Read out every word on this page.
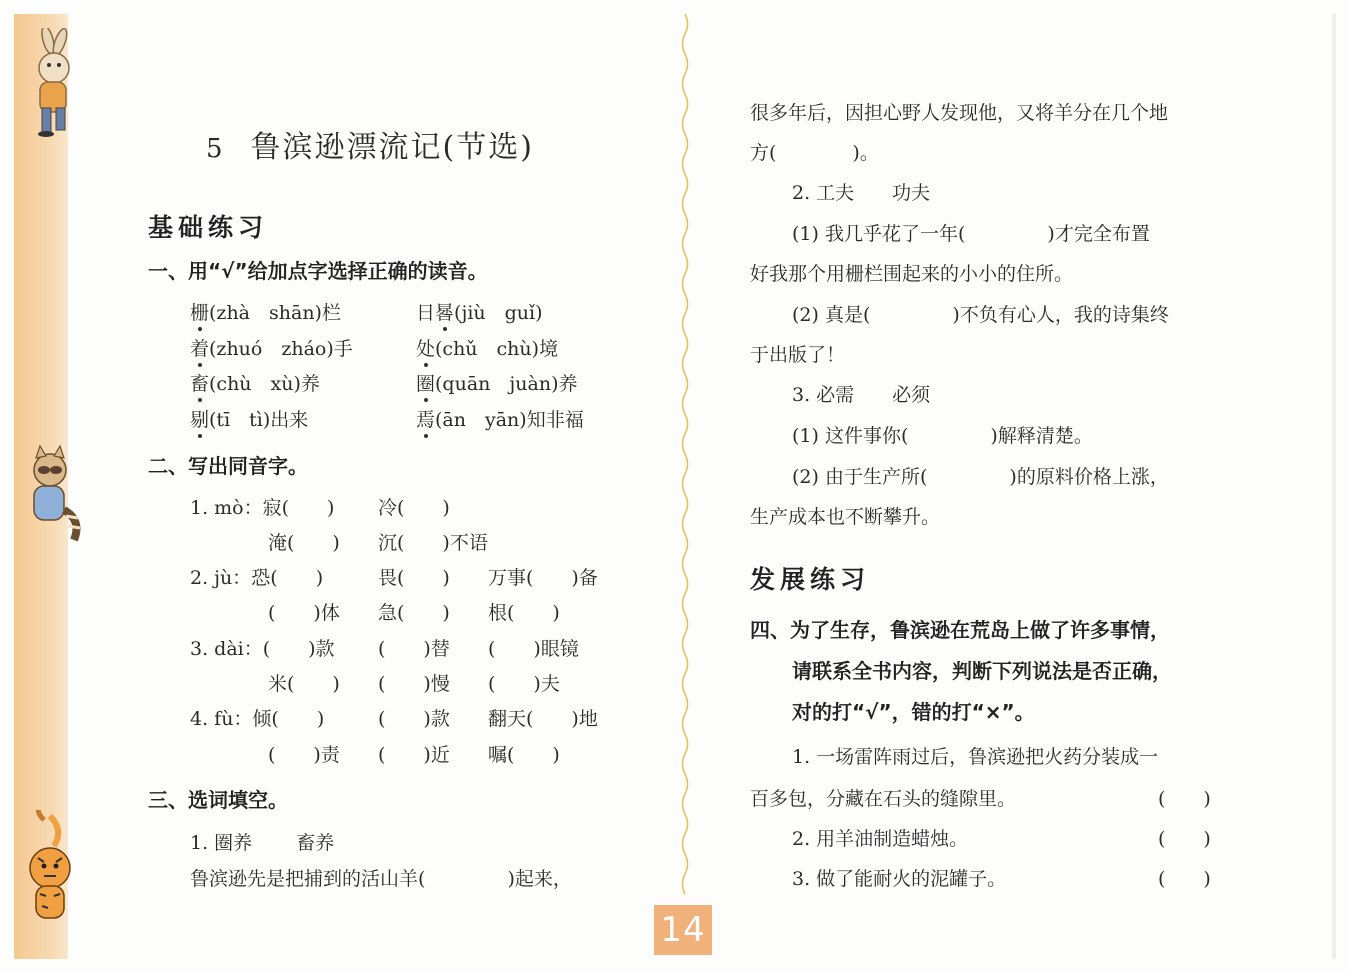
5 鲁滨逊漂流记(节选)
基础练习
一、用“√”给加点字选择正确的读音。
栅(zhà　shān)栏	日晷(jiù　guǐ)
着(zhuó　zháo)手	处(chǔ　chù)境
畜(chù　xù)养	圈(quān　juàn)养
剔(tī　tì)出来	焉(ān　yān)知非福
二、写出同音字。
1. mò：寂(　　) 冷(　　)
淹(　　) 沉(　　)不语
2. jù：恐(　　)	畏(　　) 万事(　　)备
(　　)体 急(　　) 根(　　)
3. dài：(　　)款 (　　)替 (　　)眼镜
米(　　) (　　)慢 (　　)夫
4. fù：倾(　　)	(　　)款 翻天(　　)地
(　　)责 (　　)近 嘱(　　)
三、选词填空。
1. 圈养　　 畜养
鲁滨逊先是把捕到的活山羊(　　　　 )起来，
很多年后，因担心野人发现他，又将羊分在几个地
方(　　　　)。
2. 工夫　　功夫
(1) 我几乎花了一年(　　　　 )才完全布置
好我那个用栅栏围起来的小小的住所。
(2) 真是(　　　　 )不负有心人，我的诗集终
于出版了！
3. 必需　　必须
(1) 这件事你(　　　　 )解释清楚。
(2) 由于生产所(　　　　 )的原料价格上涨，
生产成本也不断攀升。
发展练习
四、为了生存，鲁滨逊在荒岛上做了许多事情，
请联系全书内容，判断下列说法是否正确，
对的打“√”，错的打“×”。
1. 一场雷阵雨过后，鲁滨逊把火药分装成一
百多包，分藏在石头的缝隙里。	(　　)
2. 用羊油制造蜡烛。	(　　)
3. 做了能耐火的泥罐子。	(　　)
14
